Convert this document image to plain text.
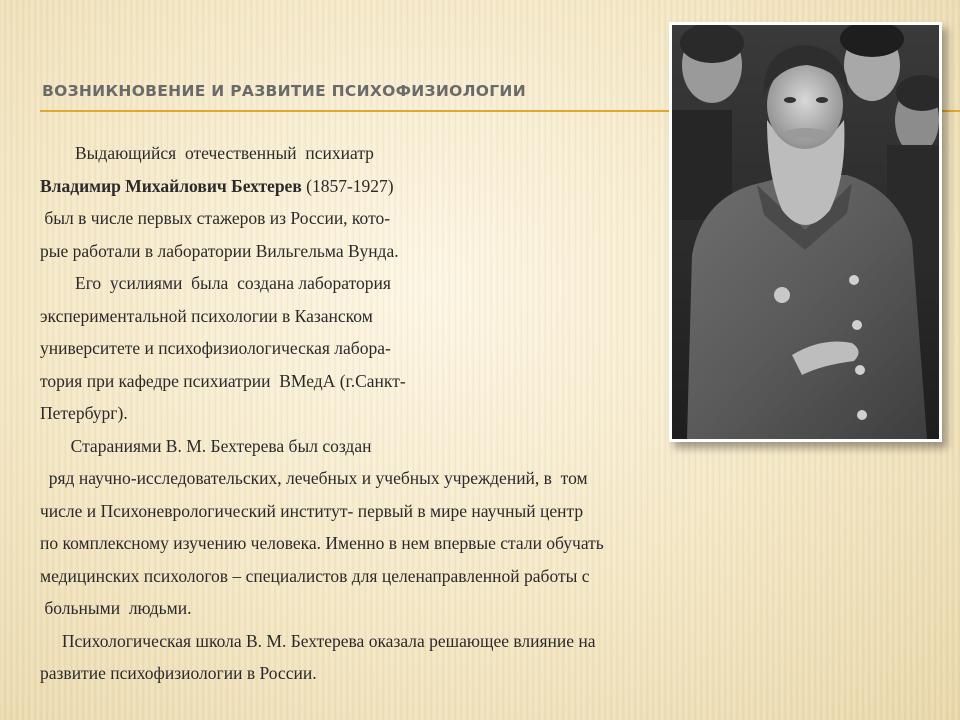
ВОЗНИКНОВЕНИЕ И РАЗВИТИЕ ПСИХОФИЗИОЛОГИИ

Выдающийся  отечественный  психиатр

Владимир Михайлович Бехтерев (1857-1927)

был в числе первых стажеров из России, кото-

рые работали в лаборатории Вильгельма Вунда.

Его  усилиями  была  создана лаборатория

экспериментальной психологии в Казанском

университете и психофизиологическая лабора-

тория при кафедре психиатрии  ВМедА (г.Санкт-

Петербург).

Стараниями В. М. Бехтерева был создан

ряд научно-исследовательских, лечебных и учебных учреждений, в  том

числе и Психоневрологический институт- первый в мире научный центр

по комплексному изучению человека. Именно в нем впервые стали обучать

медицинских психологов – специалистов для целенаправленной работы с

больными  людьми.

Психологическая школа В. М. Бехтерева оказала решающее влияние на

развитие психофизиологии в России.
